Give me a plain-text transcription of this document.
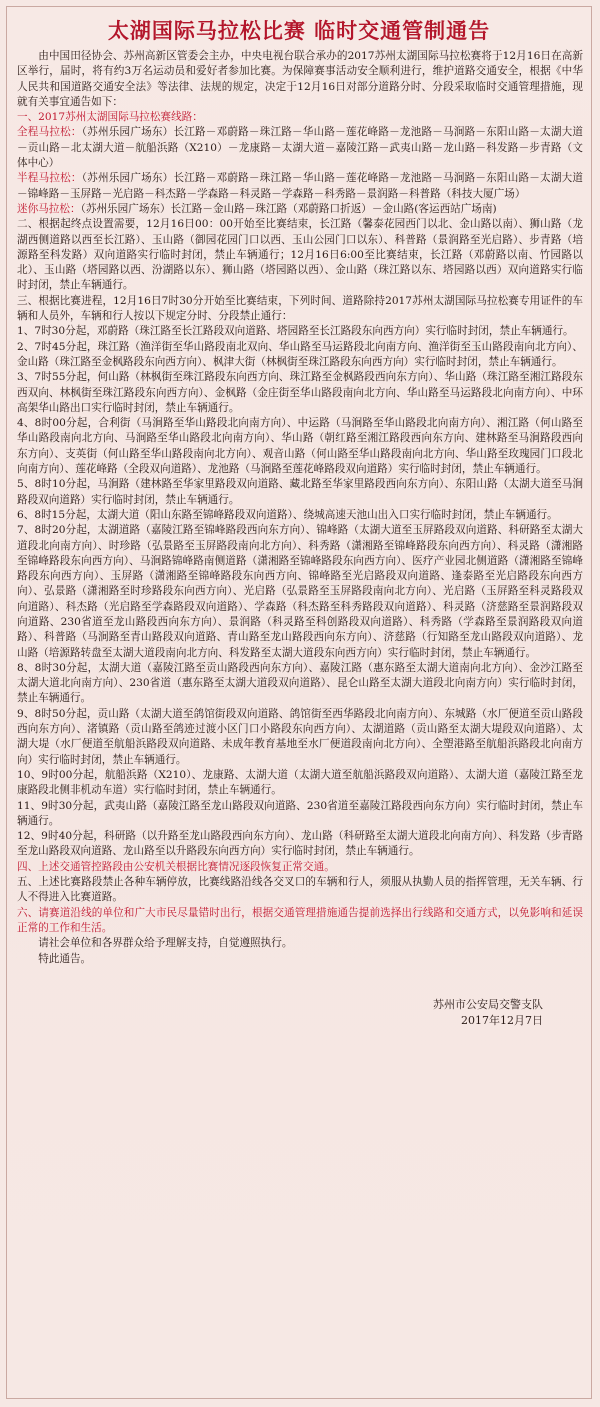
太湖国际马拉松比赛 临时交通管制通告

由中国田径协会、苏州高新区管委会主办，中央电视台联合承办的2017苏州太湖国际马拉松赛将于12月16日在高新区举行，届时，将有约3万名运动员和爱好者参加比赛。为保障赛事活动安全顺利进行，维护道路交通安全，根据《中华人民共和国道路交通安全法》等法律、法规的规定，决定于12月16日对部分道路分时、分段采取临时交通管理措施，现就有关事宜通告如下：

一、2017苏州太湖国际马拉松赛线路：

全程马拉松：（苏州乐园广场东）长江路－邓蔚路－珠江路－华山路－莲花峰路－龙池路－马涧路－东阳山路－太湖大道－贡山路－北太湖大道－航船浜路（X210）－龙康路－太湖大道－嘉陵江路－武夷山路－龙山路－科发路－步青路（文体中心）

半程马拉松：（苏州乐园广场东）长江路－邓蔚路－珠江路－华山路－莲花峰路－龙池路－马涧路－东阳山路－太湖大道－锦峰路－玉屏路－光启路－科杰路－学森路－科灵路－学森路－科秀路－景润路－科普路（科技大厦广场）

迷你马拉松：（苏州乐园广场东）长江路－金山路－珠江路（邓蔚路口折返）－金山路(客运西站广场南)

二、根据起终点设置需要，12月16日00：00开始至比赛结束，长江路（馨泰花园西门以北、金山路以南）、狮山路（龙湖西侧道路以西至长江路）、玉山路（御园花园门口以西、玉山公园门口以东）、科普路（景润路至光启路）、步青路（培源路至科发路）双向道路实行临时封闭，禁止车辆通行；12月16日6:00至比赛结束，长江路（邓蔚路以南、竹园路以北）、玉山路（塔园路以西、汾湖路以东）、狮山路（塔园路以西）、金山路（珠江路以东、塔园路以西）双向道路实行临时封闭，禁止车辆通行。

三、根据比赛进程，12月16日7时30分开始至比赛结束，下列时间、道路除持2017苏州太湖国际马拉松赛专用证件的车辆和人员外，车辆和行人按以下规定分时、分段禁止通行：

1、7时30分起，邓蔚路（珠江路至长江路段双向道路、塔园路至长江路段东向西方向）实行临时封闭，禁止车辆通行。

2、7时45分起，珠江路（渔洋街至华山路段南北双向、华山路至马运路段北向南方向、渔洋街至玉山路段南向北方向）、金山路（珠江路至金枫路段东向西方向）、枫津大街（林枫街至珠江路段东向西方向）实行临时封闭，禁止车辆通行。

3、7时55分起，何山路（林枫街至珠江路段东向西方向、珠江路至金枫路段西向东方向）、华山路（珠江路至湘江路段东西双向、林枫街至珠江路段东向西方向）、金枫路（金庄街至华山路段南向北方向、华山路至马运路段北向南方向）、中环高架华山路出口实行临时封闭，禁止车辆通行。

4、8时00分起，合利街（马涧路至华山路段北向南方向）、中运路（马涧路至华山路段北向南方向）、湘江路（何山路至华山路段南向北方向、马涧路至华山路段北向南方向）、华山路（朝红路至湘江路段西向东方向、建林路至马涧路段西向东方向）、支英街（何山路至华山路段南向北方向）、观音山路（何山路至华山路段南向北方向、华山路至玫瑰园门口段北向南方向）、莲花峰路（全段双向道路）、龙池路（马涧路至莲花峰路段双向道路）实行临时封闭，禁止车辆通行。

5、8时10分起，马涧路（建林路至华家里路段双向道路、藏北路至华家里路段西向东方向）、东阳山路（太湖大道至马涧路段双向道路）实行临时封闭，禁止车辆通行。

6、8时15分起，太湖大道（阳山东路至锦峰路段双向道路）、绕城高速天池山出入口实行临时封闭，禁止车辆通行。

7、8时20分起，太湖道路（嘉陵江路至锦峰路段西向东方向）、锦峰路（太湖大道至玉屏路段双向道路、科研路至太湖大道段北向南方向）、时珍路（弘景路至玉屏路段南向北方向）、科秀路（潇湘路至锦峰路段东向西方向）、科灵路（潇湘路至锦峰路段东向西方向）、马涧路锦峰路南侧道路（潇湘路至锦峰路段东向西方向）、医疗产业园北侧道路（潇湘路至锦峰路段东向西方向）、玉屏路（潇湘路至锦峰路段东向西方向、锦峰路至光启路段双向道路、逢泰路至光启路段东向西方向）、弘景路（潇湘路至时珍路段东向西方向）、光启路（弘景路至玉屏路段南向北方向）、光启路（玉屏路至科灵路段双向道路）、科杰路（光启路至学森路段双向道路）、学森路（科杰路至科秀路段双向道路）、科灵路（济慈路至景润路段双向道路、230省道至龙山路段西向东方向）、景润路（科灵路至科创路段双向道路）、科秀路（学森路至景润路段双向道路）、科普路（马涧路至青山路段双向道路、青山路至龙山路段西向东方向）、济慈路（行知路至龙山路段双向道路）、龙山路（培源路转盘至太湖大道段南向北方向、科发路至太湖大道段东向西方向）实行临时封闭，禁止车辆通行。

8、8时30分起，太湖大道（嘉陵江路至贡山路段西向东方向）、嘉陵江路（惠东路至太湖大道南向北方向）、金沙江路至太湖大道北向南方向）、230省道（惠东路至太湖大道段双向道路）、昆仑山路至太湖大道段北向南方向）实行临时封闭，禁止车辆通行。

9、8时50分起，贡山路（太湖大道至鸽馆街段双向道路、鸽馆街至西华路段北向南方向）、东城路（水厂便道至贡山路段西向东方向）、渚镇路（贡山路至鸽迹过渡小区门口小路段东向西方向）、太湖道路（贡山路至太湖大堤段双向道路）、太湖大堤（水厂便道至航船浜路段双向道路、未成年教育基地至水厂便道段南向北方向）、全塑港路至航船浜路段北向南方向）实行临时封闭，禁止车辆通行。

10、9时00分起，航船浜路（X210）、龙康路、太湖大道（太湖大道至航船浜路段双向道路）、太湖大道（嘉陵江路至龙康路段北侧非机动车道）实行临时封闭，禁止车辆通行。

11、9时30分起，武夷山路（嘉陵江路至龙山路段双向道路、230省道至嘉陵江路段西向东方向）实行临时封闭，禁止车辆通行。

12、9时40分起，科研路（以升路至龙山路段西向东方向）、龙山路（科研路至太湖大道段北向南方向）、科发路（步青路至龙山路段双向道路、龙山路至以升路段东向西方向）实行临时封闭，禁止车辆通行。

四、上述交通管控路段由公安机关根据比赛情况逐段恢复正常交通。

五、上述比赛路段禁止各种车辆停放，比赛线路沿线各交叉口的车辆和行人，须服从执勤人员的指挥管理，无关车辆、行人不得进入比赛道路。

六、请赛道沿线的单位和广大市民尽量错时出行，根据交通管理措施通告提前选择出行线路和交通方式，以免影响和延误正常的工作和生活。

请社会单位和各界群众给予理解支持，自觉遵照执行。

特此通告。

苏州市公安局交警支队
2017年12月7日
